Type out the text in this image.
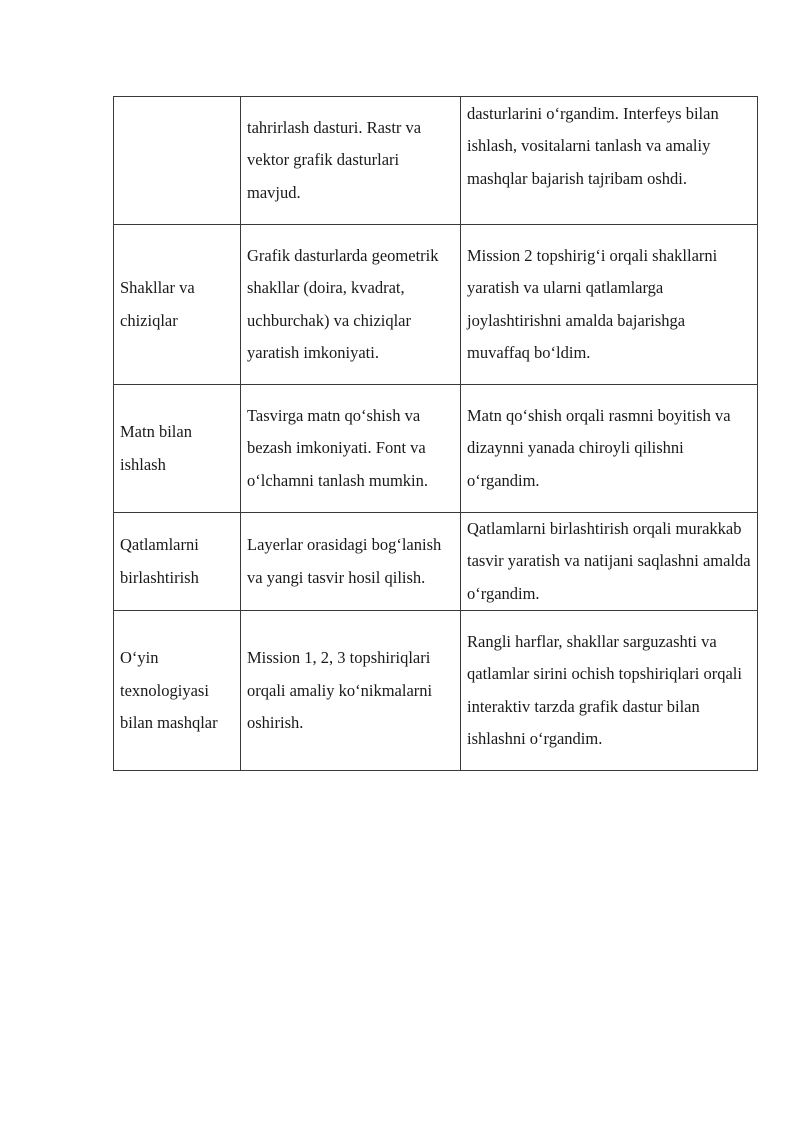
	tahrirlash dasturi. Rastr va vektor grafik dasturlari mavjud.	dasturlarini o‘rgandim. Interfeys bilan ishlash, vositalarni tanlash va amaliy mashqlar bajarish tajribam oshdi.

Shakllar va chiziqlar	Grafik dasturlarda geometrik shakllar (doira, kvadrat, uchburchak) va chiziqlar yaratish imkoniyati.	Mission 2 topshirig‘i orqali shakllarni yaratish va ularni qatlamlarga joylashtirishni amalda bajarishga muvaffaq bo‘ldim.

Matn bilan ishlash	Tasvirga matn qo‘shish va bezash imkoniyati. Font va o‘lchamni tanlash mumkin.	Matn qo‘shish orqali rasmni boyitish va dizaynni yanada chiroyli qilishni o‘rgandim.

Qatlamlarni birlashtirish	Layerlar orasidagi bog‘lanish va yangi tasvir hosil qilish.	Qatlamlarni birlashtirish orqali murakkab tasvir yaratish va natijani saqlashni amalda o‘rgandim.

O‘yin texnologiyasi bilan mashqlar	Mission 1, 2, 3 topshiriqlari orqali amaliy ko‘nikmalarni oshirish.	Rangli harflar, shakllar sarguzashti va qatlamlar sirini ochish topshiriqlari orqali interaktiv tarzda grafik dastur bilan ishlashni o‘rgandim.
